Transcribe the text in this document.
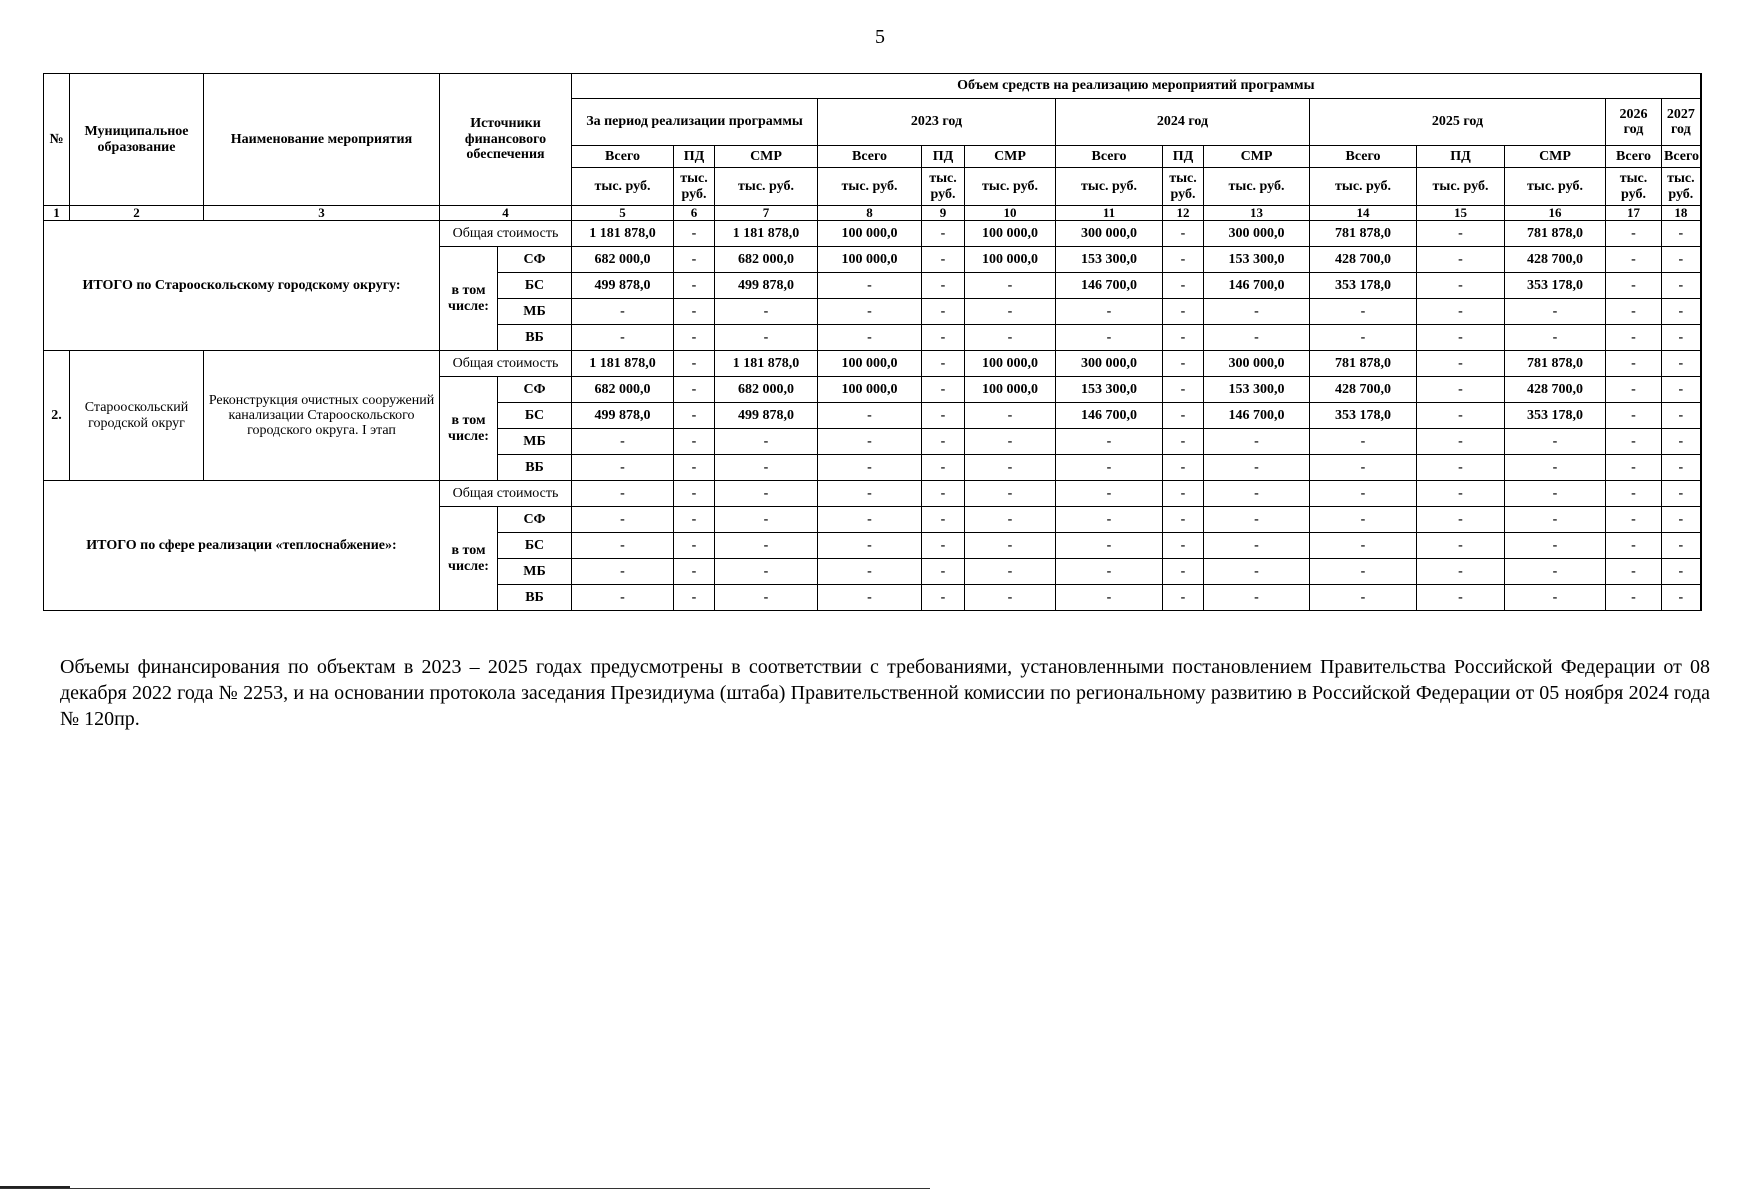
5
№	Муниципальное образование	Наименование мероприятия	Источники финансового обеспечения		Объем средств на реализацию мероприятий программы													
					За период реализации программы			2023 год			2024 год			2025 год			2026 год	2027 год
					Всего	ПД	СМР	Всего	ПД	СМР	Всего	ПД	СМР	Всего	ПД	СМР	Всего	Всего
					тыс. руб.	тыс. руб.	тыс. руб.	тыс. руб.	тыс. руб.	тыс. руб.	тыс. руб.	тыс. руб.	тыс. руб.	тыс. руб.	тыс. руб.	тыс. руб.	тыс. руб.	тыс. руб.
1	2	3	4		5	6	7	8	9	10	11	12	13	14	15	16	17	18
ИТОГО по Старооскольскому городскому округу:			Общая стоимость		1 181 878,0	-	1 181 878,0	100 000,0	-	100 000,0	300 000,0	-	300 000,0	781 878,0	-	781 878,0	-	-
			в том числе:	СФ	682 000,0	-	682 000,0	100 000,0	-	100 000,0	153 300,0	-	153 300,0	428 700,0	-	428 700,0	-	-
				БС	499 878,0	-	499 878,0	-	-	-	146 700,0	-	146 700,0	353 178,0	-	353 178,0	-	-
				МБ	-	-	-	-	-	-	-	-	-	-	-	-	-	-
				ВБ	-	-	-	-	-	-	-	-	-	-	-	-	-	-
2.	Старооскольский городской округ	Реконструкция очистных сооружений канализации Старооскольского городского округа. I этап	Общая стоимость		1 181 878,0	-	1 181 878,0	100 000,0	-	100 000,0	300 000,0	-	300 000,0	781 878,0	-	781 878,0	-	-
			в том числе:	СФ	682 000,0	-	682 000,0	100 000,0	-	100 000,0	153 300,0	-	153 300,0	428 700,0	-	428 700,0	-	-
				БС	499 878,0	-	499 878,0	-	-	-	146 700,0	-	146 700,0	353 178,0	-	353 178,0	-	-
				МБ	-	-	-	-	-	-	-	-	-	-	-	-	-	-
				ВБ	-	-	-	-	-	-	-	-	-	-	-	-	-	-
ИТОГО по сфере реализации «теплоснабжение»:			Общая стоимость		-	-	-	-	-	-	-	-	-	-	-	-	-	-
			в том числе:	СФ	-	-	-	-	-	-	-	-	-	-	-	-	-	-
				БС	-	-	-	-	-	-	-	-	-	-	-	-	-	-
				МБ	-	-	-	-	-	-	-	-	-	-	-	-	-	-
				ВБ	-	-	-	-	-	-	-	-	-	-	-	-	-	-
Объемы финансирования по объектам в 2023 – 2025 годах предусмотрены в соответствии с требованиями, установленными постановлением Правительства Российской Федерации от 08 декабря 2022 года № 2253, и на основании протокола заседания Президиума (штаба) Правительственной комиссии по региональному развитию в Российской Федерации от 05 ноября 2024 года № 120пр.
